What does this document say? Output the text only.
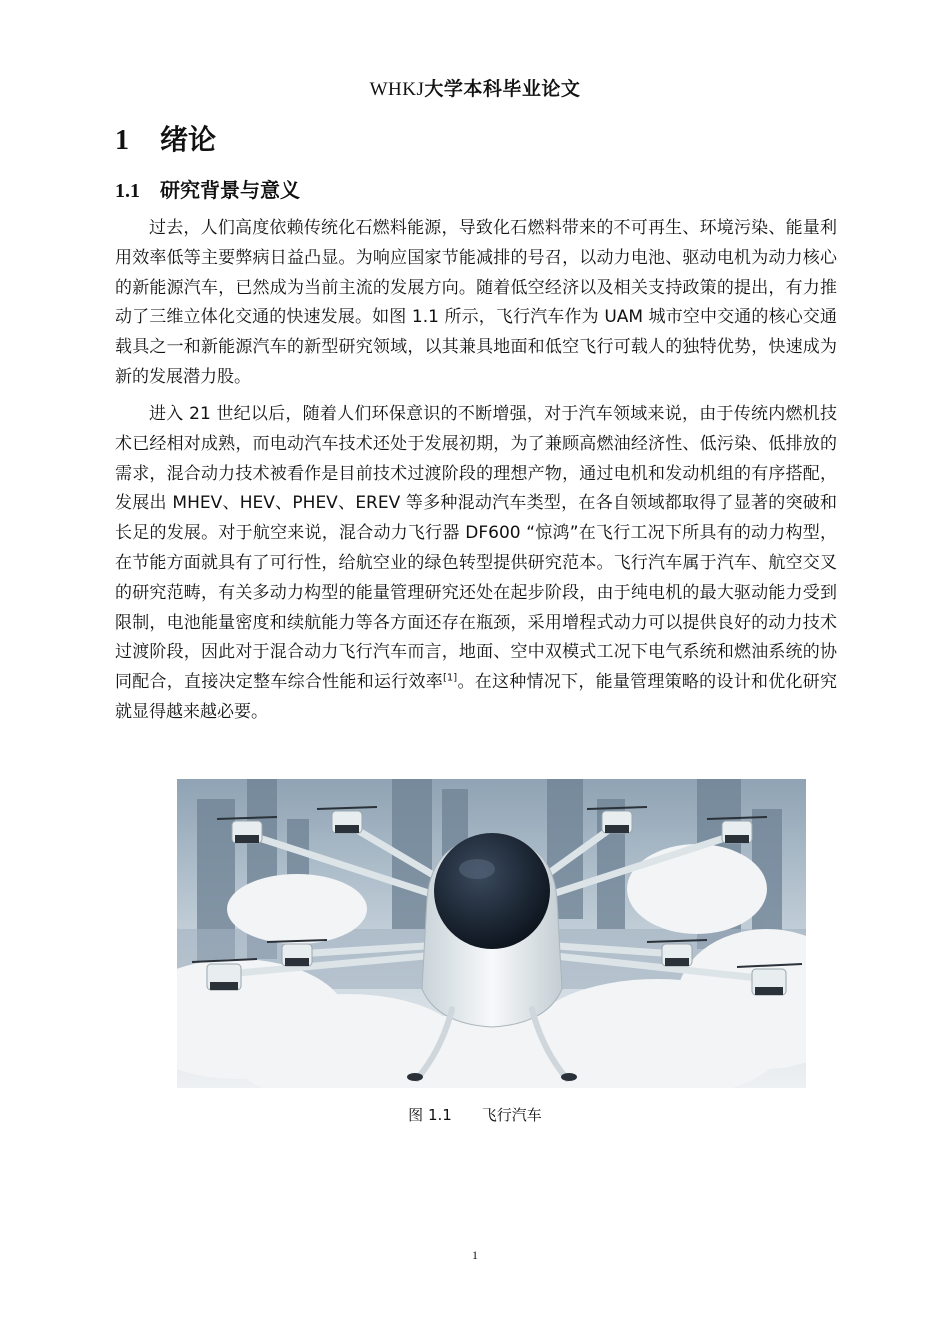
WHKJ大学本科毕业论文
1 绪论
1.1 研究背景与意义

过去，人们高度依赖传统化石燃料能源，导致化石燃料带来的不可再生、环境污染、能量利用效率低等主要弊病日益凸显。为响应国家节能减排的号召，以动力电池、驱动电机为动力核心的新能源汽车，已然成为当前主流的发展方向。随着低空经济以及相关支持政策的提出，有力推动了三维立体化交通的快速发展。如图 1.1 所示，飞行汽车作为 UAM 城市空中交通的核心交通载具之一和新能源汽车的新型研究领域，以其兼具地面和低空飞行可载人的独特优势，快速成为新的发展潜力股。

进入 21 世纪以后，随着人们环保意识的不断增强，对于汽车领域来说，由于传统内燃机技术已经相对成熟，而电动汽车技术还处于发展初期，为了兼顾高燃油经济性、低污染、低排放的需求，混合动力技术被看作是目前技术过渡阶段的理想产物，通过电机和发动机组的有序搭配，发展出 MHEV、HEV、PHEV、EREV 等多种混动汽车类型，在各自领域都取得了显著的突破和长足的发展。对于航空来说，混合动力飞行器 DF600 “惊鸿”在飞行工况下所具有的动力构型，在节能方面就具有了可行性，给航空业的绿色转型提供研究范本。飞行汽车属于汽车、航空交叉的研究范畴，有关多动力构型的能量管理研究还处在起步阶段，由于纯电机的最大驱动能力受到限制，电池能量密度和续航能力等各方面还存在瓶颈，采用增程式动力可以提供良好的动力技术过渡阶段，因此对于混合动力飞行汽车而言，地面、空中双模式工况下电气系统和燃油系统的协同配合，直接决定整车综合性能和运行效率[1]。在这种情况下，能量管理策略的设计和优化研究就显得越来越必要。

图 1.1 飞行汽车
1
